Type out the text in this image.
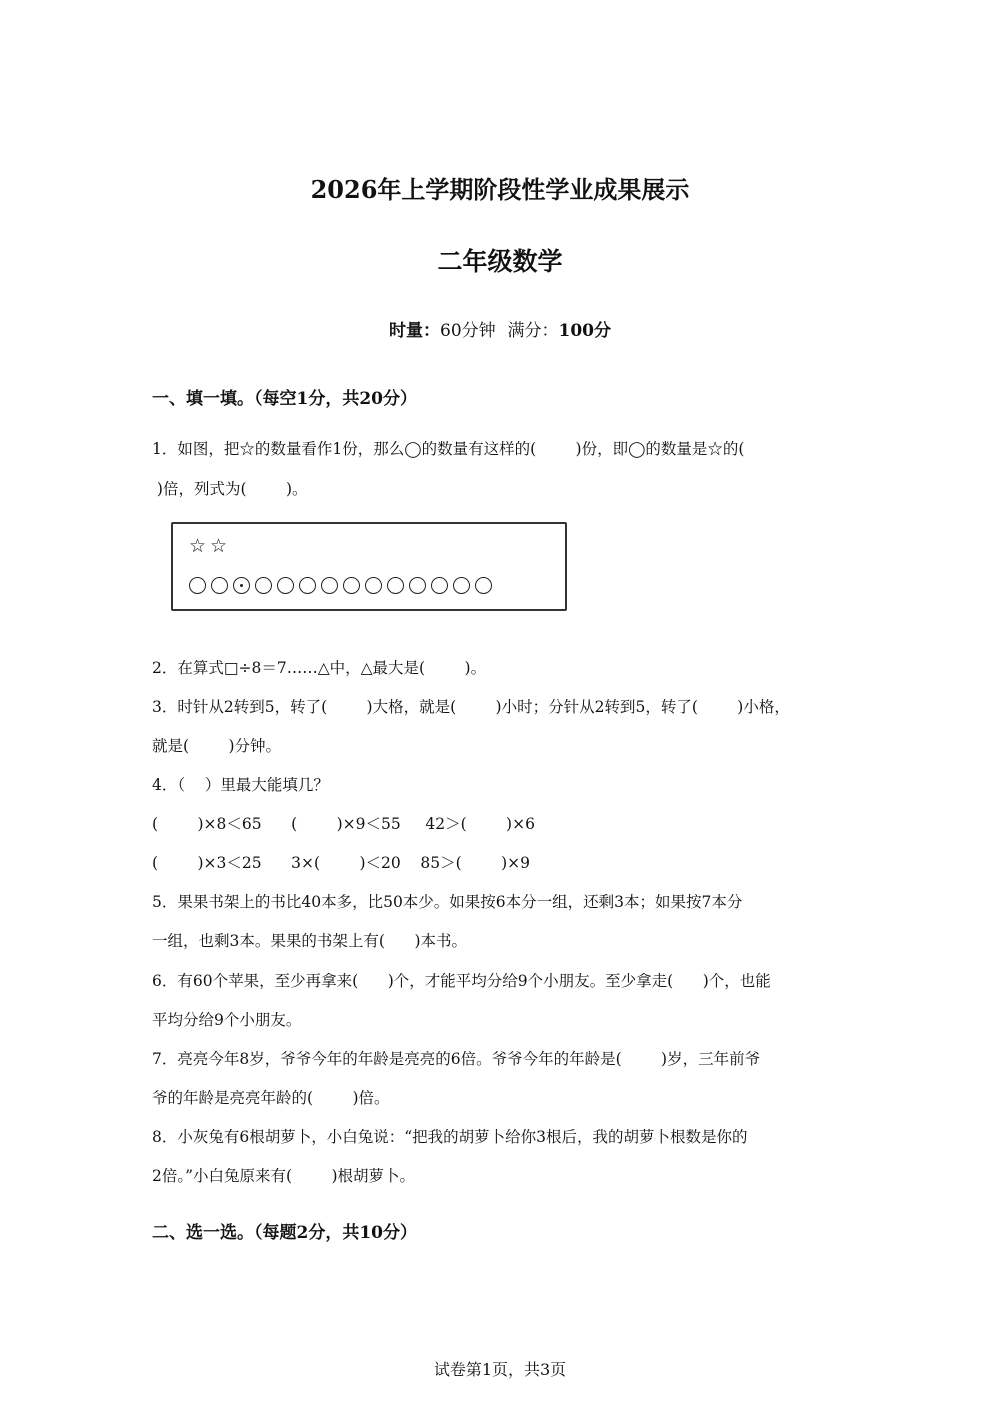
2026年上学期阶段性学业成果展示
二年级数学
时量：60分钟 满分：100分
一、填一填。（每空1分，共20分）
1．如图，把☆的数量看作1份，那么◯的数量有这样的(        )份，即◯的数量是☆的(
)倍，列式为(        )。
☆☆
2．在算式□÷8＝7……△中，△最大是(        )。
3．时针从2转到5，转了(        )大格，就是(        )小时；分针从2转到5，转了(        )小格，
就是(        )分钟。
4．（    ）里最大能填几？
(        )×8＜65      (        )×9＜55     42＞(        )×6
(        )×3＜25      3×(        )＜20    85＞(        )×9
5．果果书架上的书比40本多，比50本少。如果按6本分一组，还剩3本；如果按7本分
一组，也剩3本。果果的书架上有(      )本书。
6．有60个苹果，至少再拿来(      )个，才能平均分给9个小朋友。至少拿走(      )个，也能
平均分给9个小朋友。
7．亮亮今年8岁，爷爷今年的年龄是亮亮的6倍。爷爷今年的年龄是(        )岁，三年前爷
爷的年龄是亮亮年龄的(        )倍。
8．小灰兔有6根胡萝卜，小白兔说：“把我的胡萝卜给你3根后，我的胡萝卜根数是你的
2倍。”小白兔原来有(        )根胡萝卜。
二、选一选。（每题2分，共10分）
试卷第1页，共3页
